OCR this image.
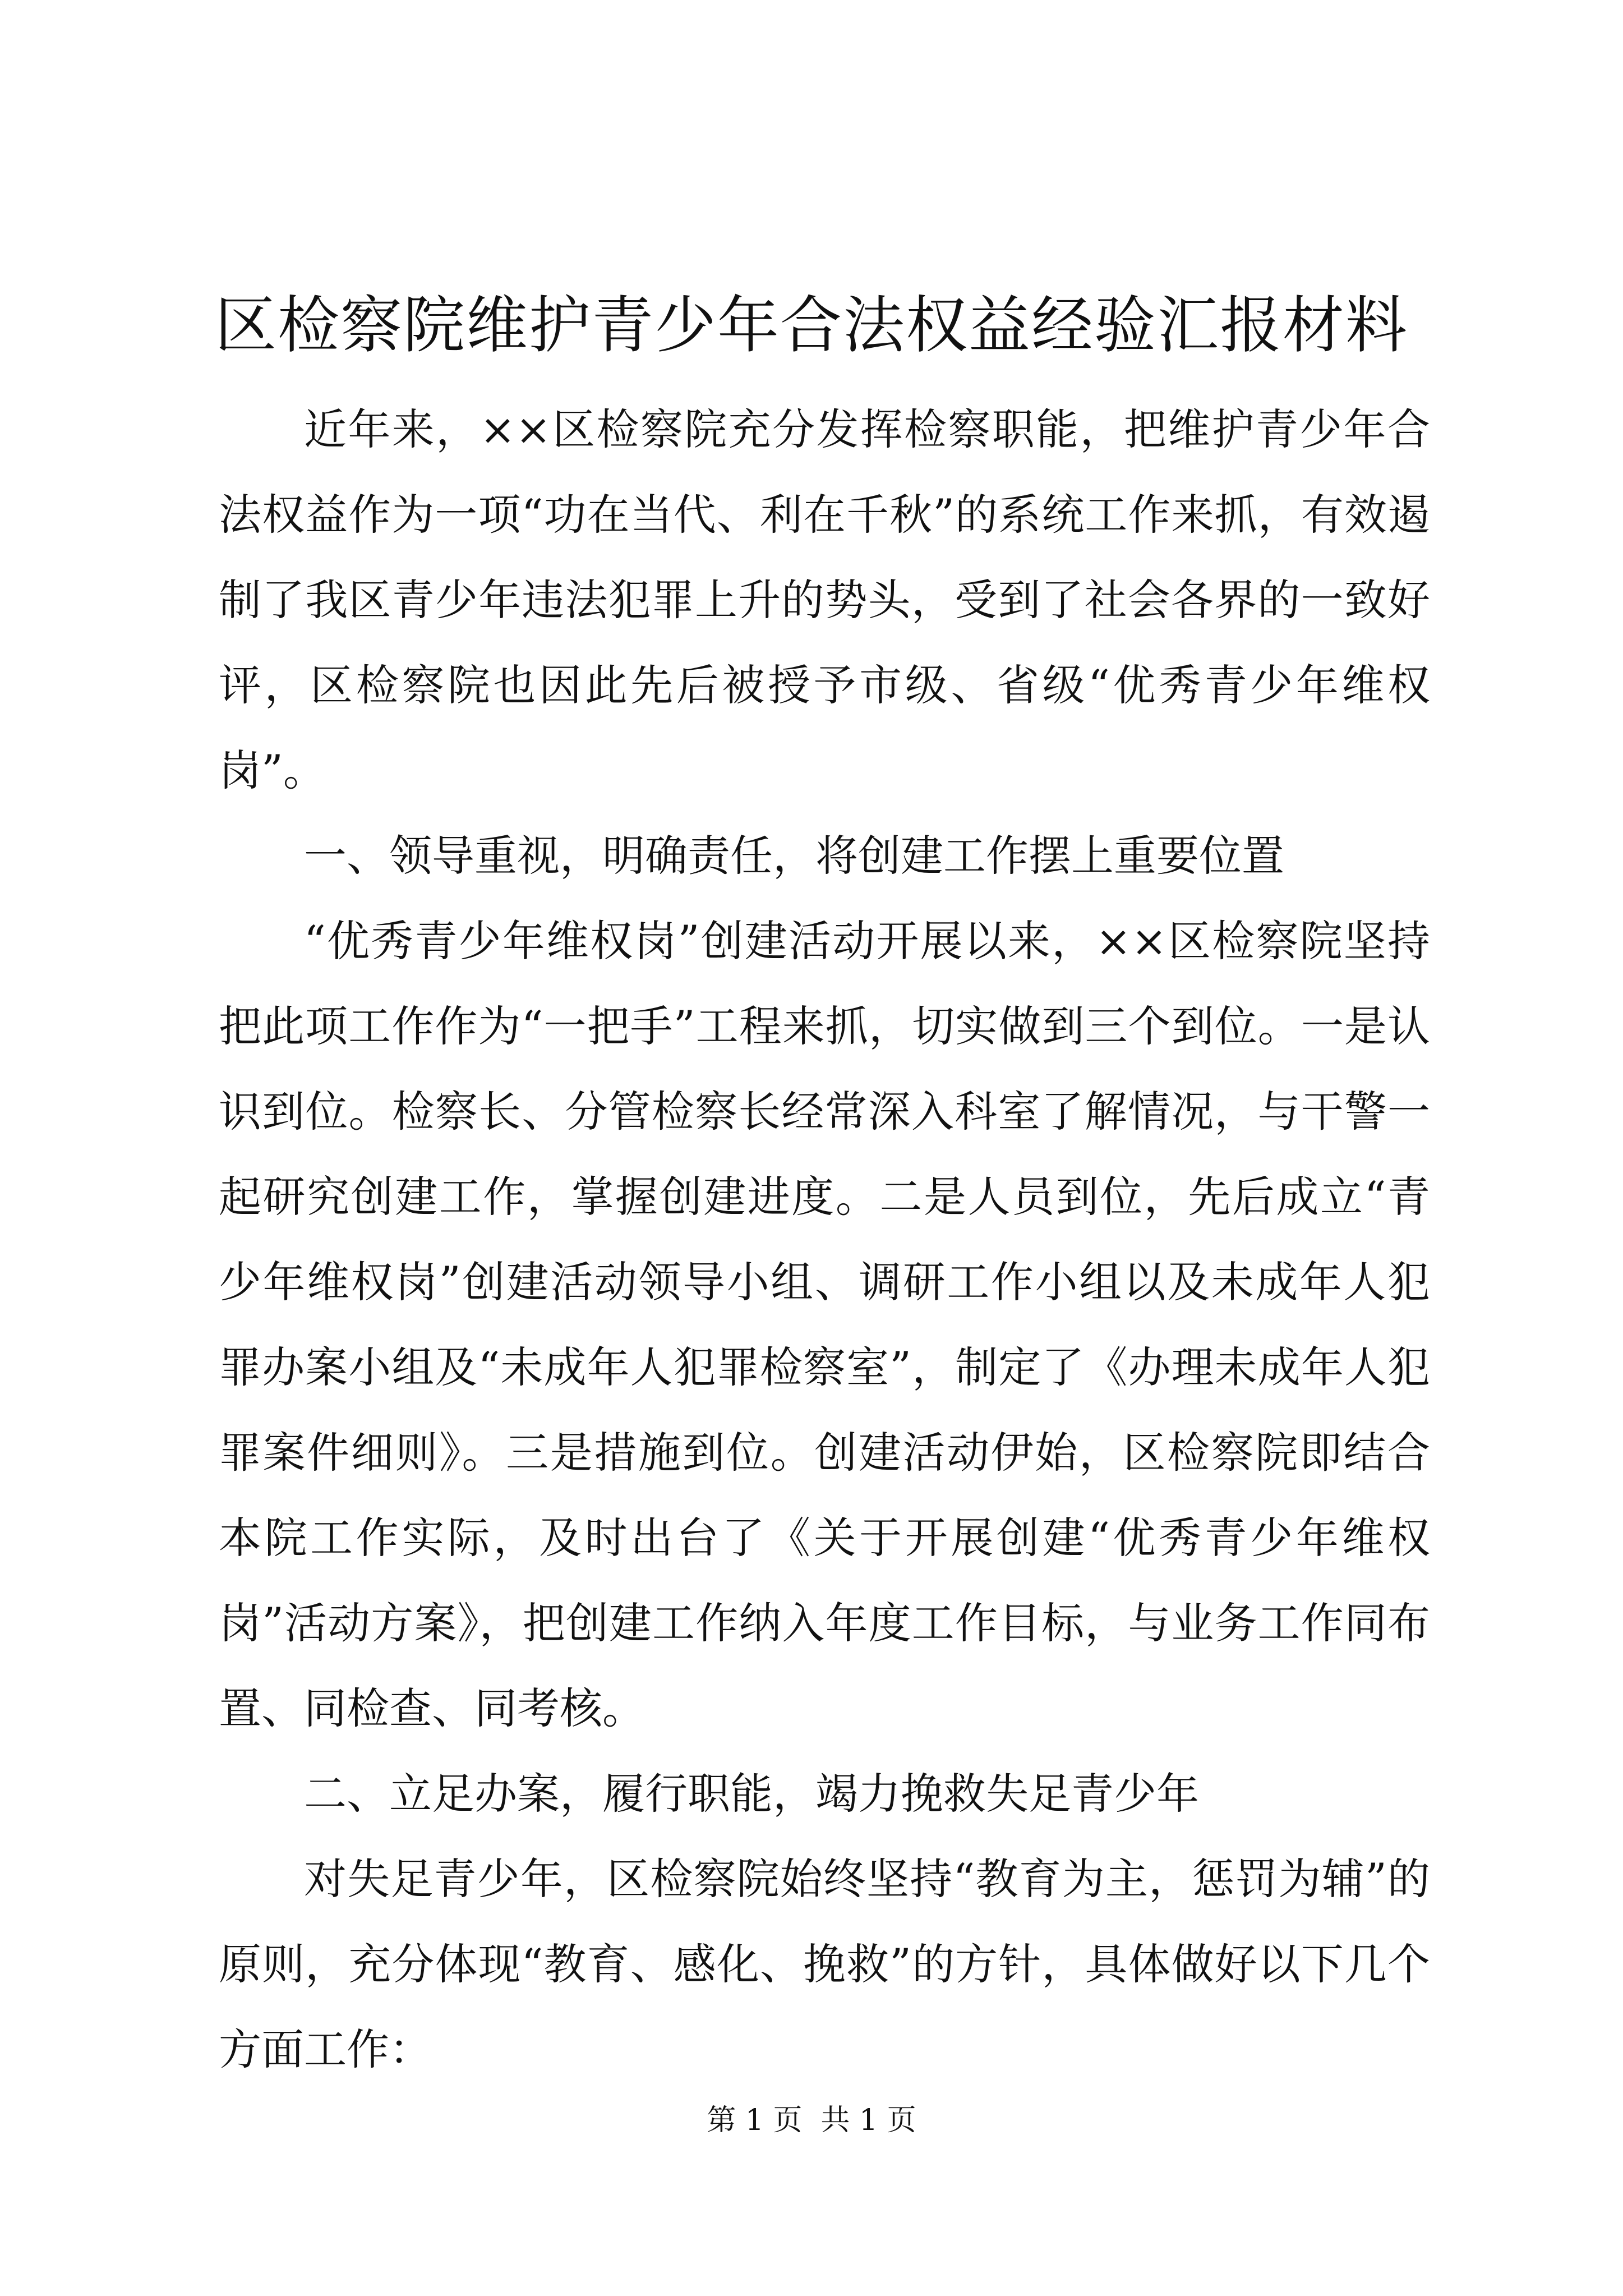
区检察院维护青少年合法权益经验汇报材料

近年来，××区检察院充分发挥检察职能，把维护青少年合法权益作为一项“功在当代、利在千秋”的系统工作来抓，有效遏制了我区青少年违法犯罪上升的势头，受到了社会各界的一致好评，区检察院也因此先后被授予市级、省级“优秀青少年维权岗”。

一、领导重视，明确责任，将创建工作摆上重要位置

“优秀青少年维权岗”创建活动开展以来，××区检察院坚持把此项工作作为“一把手”工程来抓，切实做到三个到位。一是认识到位。检察长、分管检察长经常深入科室了解情况，与干警一起研究创建工作，掌握创建进度。二是人员到位，先后成立“青少年维权岗”创建活动领导小组、调研工作小组以及未成年人犯罪办案小组及“未成年人犯罪检察室”，制定了《办理未成年人犯罪案件细则》。三是措施到位。创建活动伊始，区检察院即结合本院工作实际，及时出台了《关于开展创建“优秀青少年维权岗”活动方案》，把创建工作纳入年度工作目标，与业务工作同布置、同检查、同考核。

二、立足办案，履行职能，竭力挽救失足青少年

对失足青少年，区检察院始终坚持“教育为主，惩罚为辅”的原则，充分体现“教育、感化、挽救”的方针，具体做好以下几个方面工作：

第 1 页  共 1 页
